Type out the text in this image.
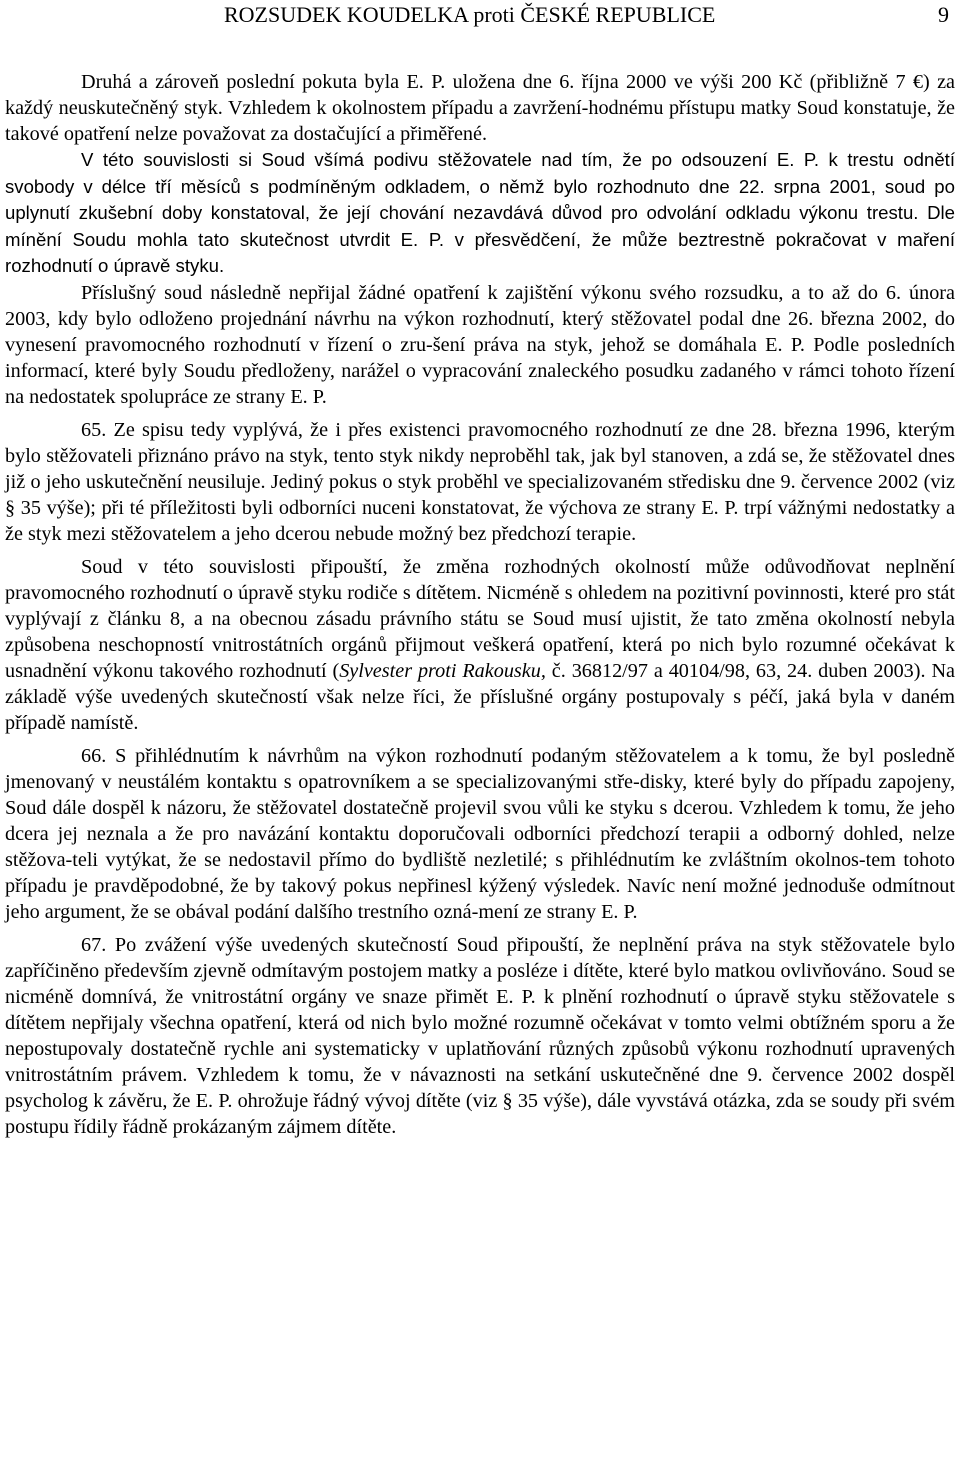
ROZSUDEK KOUDELKA proti ČESKÉ REPUBLICE	9

Druhá a zároveň poslední pokuta byla E. P. uložena dne 6. října 2000 ve výši 200 Kč (přibližně 7 €) za každý neuskutečněný styk. Vzhledem k okolnostem případu a zavržení-hodnému přístupu matky Soud konstatuje, že takové opatření nelze považovat za dostačující a přiměřené.

V této souvislosti si Soud všímá podivu stěžovatele nad tím, že po odsouzení E. P. k trestu odnětí svobody v délce tří měsíců s podmíněným odkladem, o němž bylo rozhodnuto dne 22. srpna 2001, soud po uplynutí zkušební doby konstatoval, že její chování nezavdává důvod pro odvolání odkladu výkonu trestu. Dle mínění Soudu mohla tato skutečnost utvrdit E. P. v přesvědčení, že může beztrestně pokračovat v maření rozhodnutí o úpravě styku.

Příslušný soud následně nepřijal žádné opatření k zajištění výkonu svého rozsudku, a to až do 6. února 2003, kdy bylo odloženo projednání návrhu na výkon rozhodnutí, který stěžovatel podal dne 26. března 2002, do vynesení pravomocného rozhodnutí v řízení o zru-šení práva na styk, jehož se domáhala E. P. Podle posledních informací, které byly Soudu předloženy, narážel o vypracování znaleckého posudku zadaného v rámci tohoto řízení na nedostatek spolupráce ze strany E. P.

65. Ze spisu tedy vyplývá, že i přes existenci pravomocného rozhodnutí ze dne 28. března 1996, kterým bylo stěžovateli přiznáno právo na styk, tento styk nikdy neproběhl tak, jak byl stanoven, a zdá se, že stěžovatel dnes již o jeho uskutečnění neusiluje. Jediný pokus o styk proběhl ve specializovaném středisku dne 9. července 2002 (viz § 35 výše); při té příležitosti byli odborníci nuceni konstatovat, že výchova ze strany E. P. trpí vážnými nedostatky a že styk mezi stěžovatelem a jeho dcerou nebude možný bez předchozí terapie.

Soud v této souvislosti připouští, že změna rozhodných okolností může odůvodňovat neplnění pravomocného rozhodnutí o úpravě styku rodiče s dítětem. Nicméně s ohledem na pozitivní povinnosti, které pro stát vyplývají z článku 8, a na obecnou zásadu právního státu se Soud musí ujistit, že tato změna okolností nebyla způsobena neschopností vnitrostátních orgánů přijmout veškerá opatření, která po nich bylo rozumné očekávat k usnadnění výkonu takového rozhodnutí (Sylvester proti Rakousku, č. 36812/97 a 40104/98, 63, 24. duben 2003). Na základě výše uvedených skutečností však nelze říci, že příslušné orgány postupovaly s péčí, jaká byla v daném případě namístě.

66. S přihlédnutím k návrhům na výkon rozhodnutí podaným stěžovatelem a k tomu, že byl posledně jmenovaný v neustálém kontaktu s opatrovníkem a se specializovanými stře-disky, které byly do případu zapojeny, Soud dále dospěl k názoru, že stěžovatel dostatečně projevil svou vůli ke styku s dcerou. Vzhledem k tomu, že jeho dcera jej neznala a že pro navázání kontaktu doporučovali odborníci předchozí terapii a odborný dohled, nelze stěžova-teli vytýkat, že se nedostavil přímo do bydliště nezletilé; s přihlédnutím ke zvláštním okolnos-tem tohoto případu je pravděpodobné, že by takový pokus nepřinesl kýžený výsledek. Navíc není možné jednoduše odmítnout jeho argument, že se obával podání dalšího trestního ozná-mení ze strany E. P.

67. Po zvážení výše uvedených skutečností Soud připouští, že neplnění práva na styk stěžovatele bylo zapříčiněno především zjevně odmítavým postojem matky a posléze i dítěte, které bylo matkou ovlivňováno. Soud se nicméně domnívá, že vnitrostátní orgány ve snaze přimět E. P. k plnění rozhodnutí o úpravě styku stěžovatele s dítětem nepřijaly všechna opatření, která od nich bylo možné rozumně očekávat v tomto velmi obtížném sporu a že nepostupovaly dostatečně rychle ani systematicky v uplatňování různých způsobů výkonu rozhodnutí upravených vnitrostátním právem. Vzhledem k tomu, že v návaznosti na setkání uskutečněné dne 9. července 2002 dospěl psycholog k závěru, že E. P. ohrožuje řádný vývoj dítěte (viz § 35 výše), dále vyvstává otázka, zda se soudy při svém postupu řídily řádně prokázaným zájmem dítěte.
